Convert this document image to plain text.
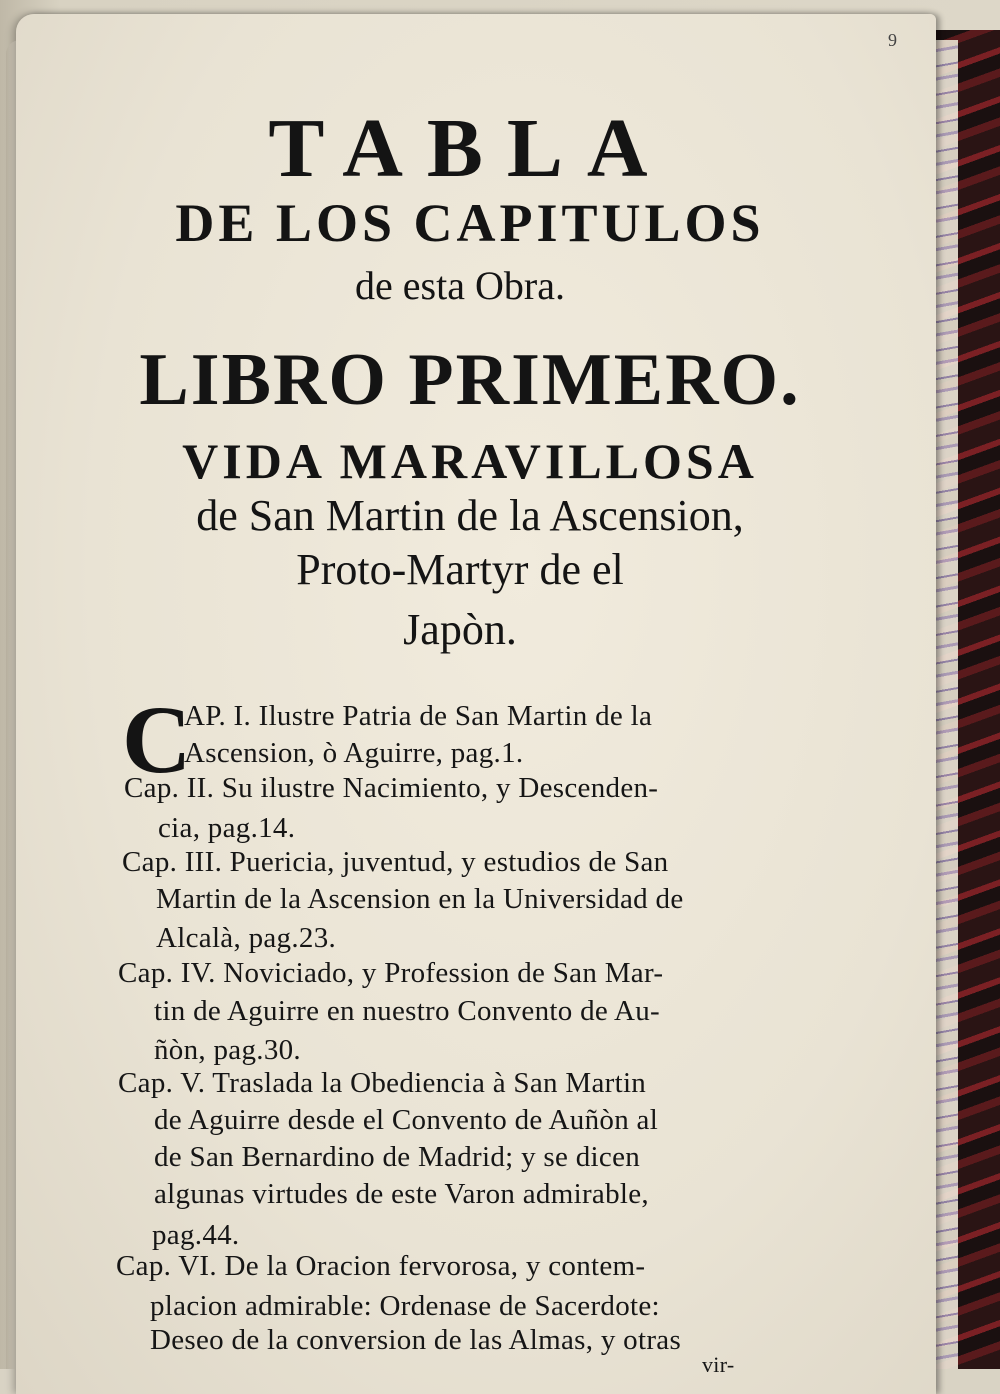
9
TABLA
DE LOS CAPITULOS
de esta Obra.
LIBRO PRIMERO.
VIDA MARAVILLOSA
de San Martin de la Ascension,
Proto-Martyr de el
Japòn.
C
AP. I. Ilustre Patria de San Martin de la
Ascension, ò Aguirre, pag.1.
Cap. II. Su ilustre Nacimiento, y Descenden-
cia, pag.14.
Cap. III. Puericia, juventud, y estudios de San
Martin de la Ascension en la Universidad de
Alcalà, pag.23.
Cap. IV. Noviciado, y Profession de San Mar-
tin de Aguirre en nuestro Convento de Au-
ñòn, pag.30.
Cap. V. Traslada la Obediencia à San Martin
de Aguirre desde el Convento de Auñòn al
de San Bernardino de Madrid; y se dicen
algunas virtudes de este Varon admirable,
pag.44.
Cap. VI. De la Oracion fervorosa, y contem-
placion admirable: Ordenase de Sacerdote:
Deseo de la conversion de las Almas, y otras
vir-
